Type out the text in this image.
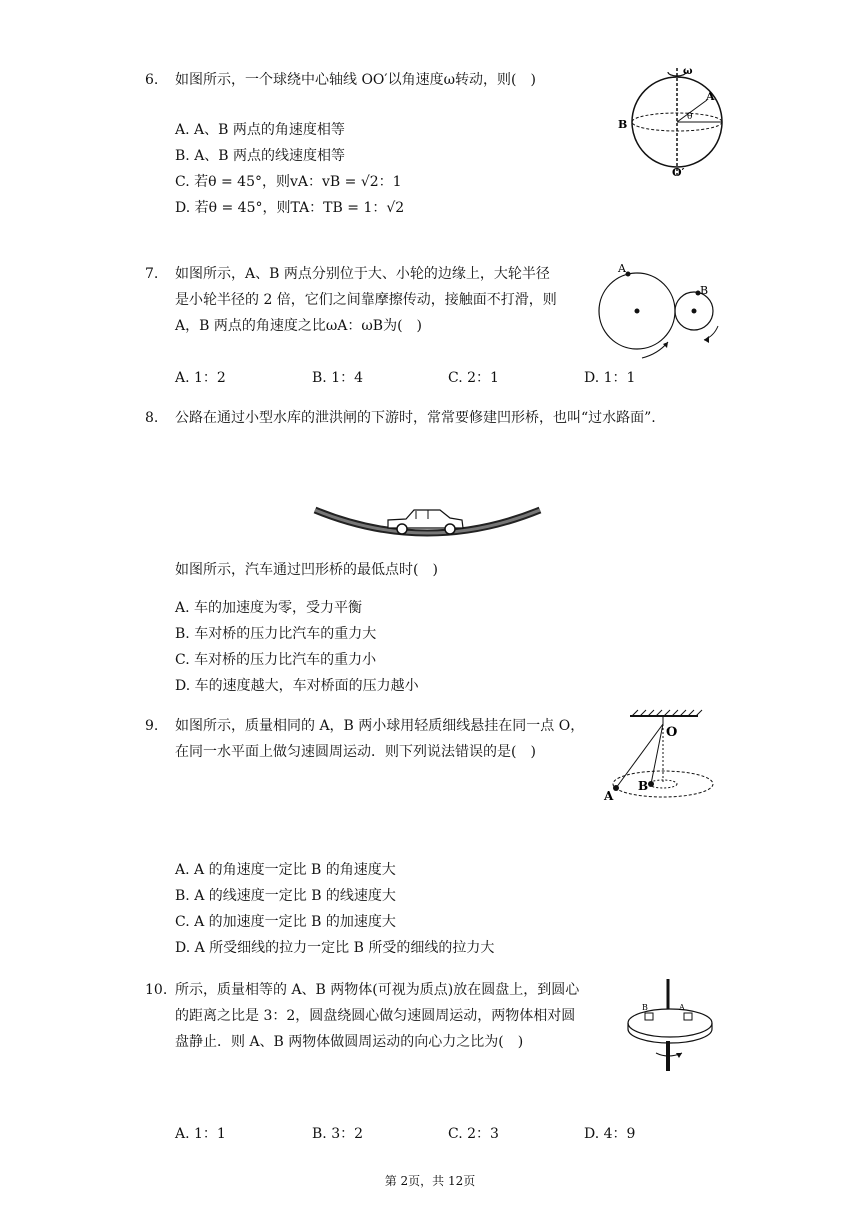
6. 如图所示，一个球绕中心轴线 OO′以角速度ω转动，则(　)
A. A、B 两点的角速度相等
B. A、B 两点的线速度相等
C. 若θ = 45°，则vA：vB = √2：1
D. 若θ = 45°，则TA：TB = 1：√2
ω
A
B
θ
O′
7. 如图所示，A、B 两点分别位于大、小轮的边缘上，大轮半径
是小轮半径的 2 倍，它们之间靠摩擦传动，接触面不打滑，则
A，B 两点的角速度之比ωA：ωB为(　)
A
B
A. 1：2	B. 1：4	C. 2：1	D. 1：1
8. 公路在通过小型水库的泄洪闸的下游时，常常要修建凹形桥，也叫“过水路面”.
如图所示，汽车通过凹形桥的最低点时(　)
A. 车的加速度为零，受力平衡
B. 车对桥的压力比汽车的重力大
C. 车对桥的压力比汽车的重力小
D. 车的速度越大，车对桥面的压力越小
9. 如图所示，质量相同的 A，B 两小球用轻质细线悬挂在同一点 O，
在同一水平面上做匀速圆周运动．则下列说法错误的是(　)
O
A
B
A. A 的角速度一定比 B 的角速度大
B. A 的线速度一定比 B 的线速度大
C. A 的加速度一定比 B 的加速度大
D. A 所受细线的拉力一定比 B 所受的细线的拉力大
10. 所示，质量相等的 A、B 两物体(可视为质点)放在圆盘上，到圆心
的距离之比是 3：2，圆盘绕圆心做匀速圆周运动，两物体相对圆
盘静止．则 A、B 两物体做圆周运动的向心力之比为(　)
B	A
A. 1：1	B. 3：2	C. 2：3	D. 4：9
第 2页，共 12页
